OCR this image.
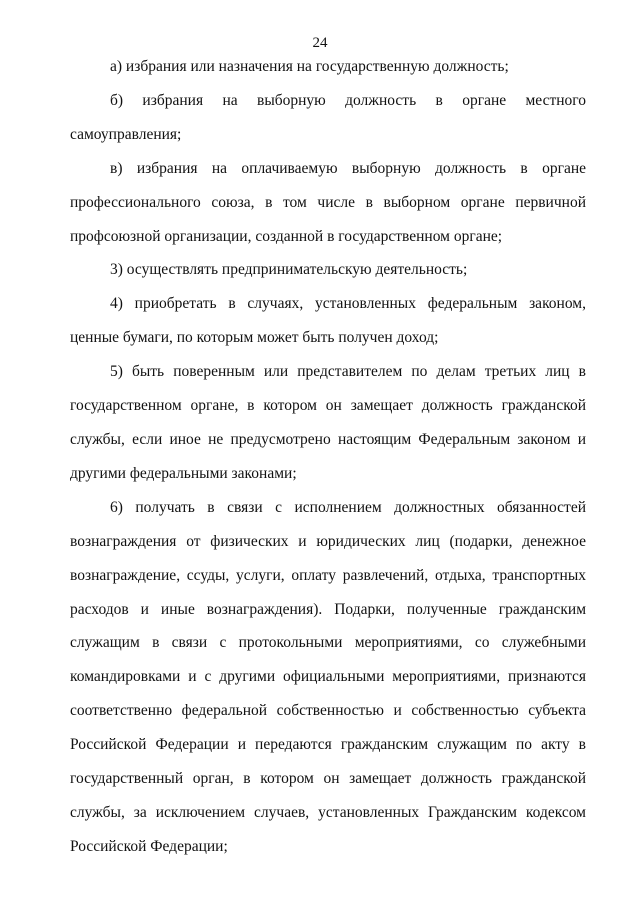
24

а) избрания или назначения на государственную должность;

б) избрания на выборную должность в органе местного самоуправления;

в) избрания на оплачиваемую выборную должность в органе профессионального союза, в том числе в выборном органе первичной профсоюзной организации, созданной в государственном органе;

3) осуществлять предпринимательскую деятельность;

4) приобретать в случаях, установленных федеральным законом, ценные бумаги, по которым может быть получен доход;

5) быть поверенным или представителем по делам третьих лиц в государственном органе, в котором он замещает должность гражданской службы, если иное не предусмотрено настоящим Федеральным законом и другими федеральными законами;

6) получать в связи с исполнением должностных обязанностей вознаграждения от физических и юридических лиц (подарки, денежное вознаграждение, ссуды, услуги, оплату развлечений, отдыха, транспортных расходов и иные вознаграждения). Подарки, полученные гражданским служащим в связи с протокольными мероприятиями, со служебными командировками и с другими официальными мероприятиями, признаются соответственно федеральной собственностью и собственностью субъекта Российской Федерации и передаются гражданским служащим по акту в государственный орган, в котором он замещает должность гражданской службы, за исключением случаев, установленных Гражданским кодексом Российской Федерации;
